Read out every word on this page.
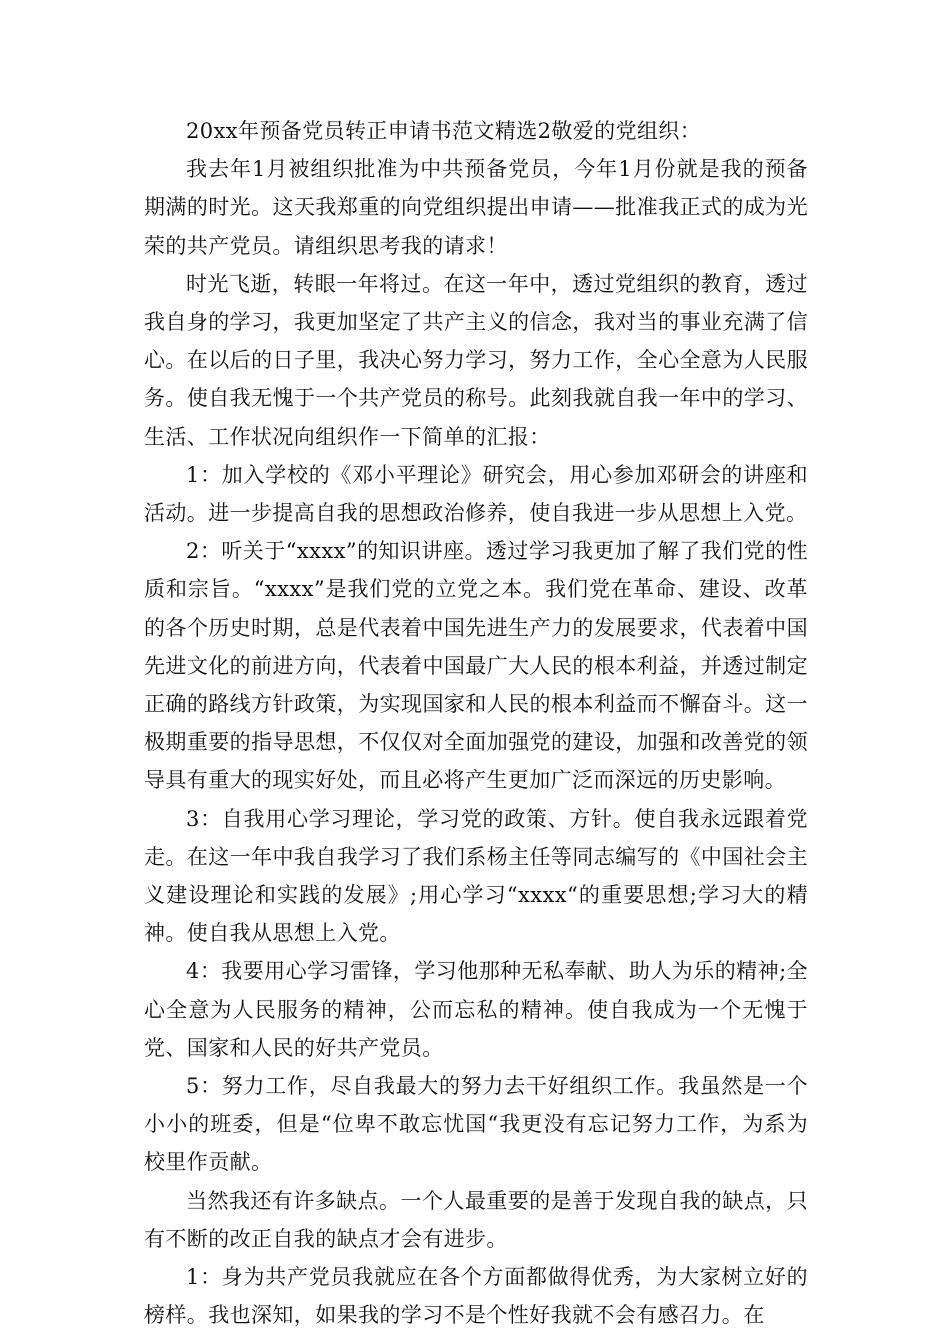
20xx年预备党员转正申请书范文精选2敬爱的党组织：

我去年1月被组织批准为中共预备党员，今年1月份就是我的预备期满的时光。这天我郑重的向党组织提出申请——批准我正式的成为光荣的共产党员。请组织思考我的请求！

时光飞逝，转眼一年将过。在这一年中，透过党组织的教育，透过我自身的学习，我更加坚定了共产主义的信念，我对当的事业充满了信心。在以后的日子里，我决心努力学习，努力工作，全心全意为人民服务。使自我无愧于一个共产党员的称号。此刻我就自我一年中的学习、生活、工作状况向组织作一下简单的汇报：

1：加入学校的《邓小平理论》研究会，用心参加邓研会的讲座和活动。进一步提高自我的思想政治修养，使自我进一步从思想上入党。

2：听关于“xxxx”的知识讲座。透过学习我更加了解了我们党的性质和宗旨。“xxxx”是我们党的立党之本。我们党在革命、建设、改革的各个历史时期，总是代表着中国先进生产力的发展要求，代表着中国先进文化的前进方向，代表着中国最广大人民的根本利益，并透过制定正确的路线方针政策，为实现国家和人民的根本利益而不懈奋斗。这一极期重要的指导思想，不仅仅对全面加强党的建设，加强和改善党的领导具有重大的现实好处，而且必将产生更加广泛而深远的历史影响。

3：自我用心学习理论，学习党的政策、方针。使自我永远跟着党走。在这一年中我自我学习了我们系杨主任等同志编写的《中国社会主义建设理论和实践的发展》;用心学习“xxxx“的重要思想;学习大的精神。使自我从思想上入党。

4：我要用心学习雷锋，学习他那种无私奉献、助人为乐的精神;全心全意为人民服务的精神，公而忘私的精神。使自我成为一个无愧于党、国家和人民的好共产党员。

5：努力工作，尽自我最大的努力去干好组织工作。我虽然是一个小小的班委，但是“位卑不敢忘忧国“我更没有忘记努力工作，为系为校里作贡献。

当然我还有许多缺点。一个人最重要的是善于发现自我的缺点，只有不断的改正自我的缺点才会有进步。

1：身为共产党员我就应在各个方面都做得优秀，为大家树立好的榜样。我也深知，如果我的学习不是个性好我就不会有感召力。在
